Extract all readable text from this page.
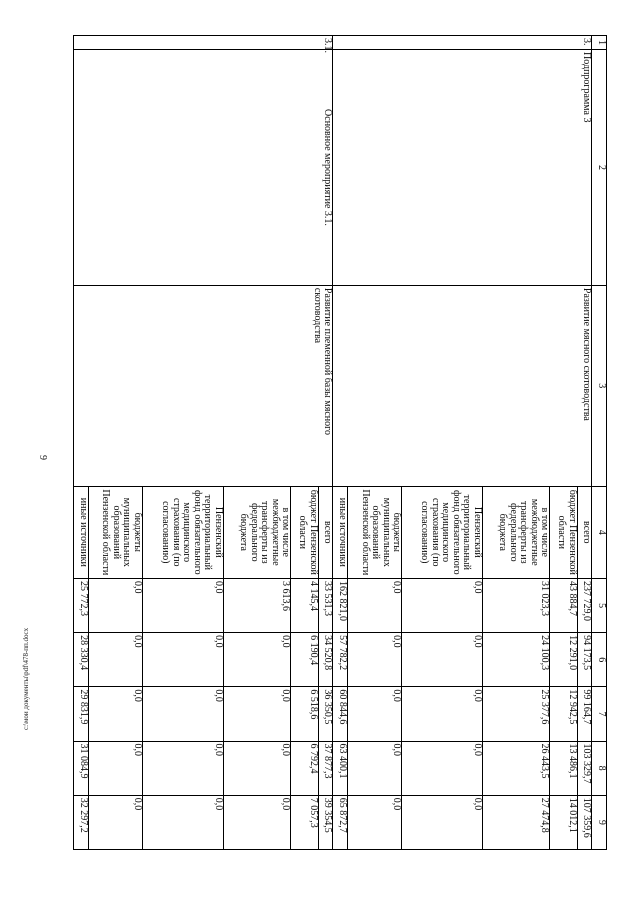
9
c:\мои документы\pdf\478-пп.docx
1	2	3	4	5	6	7	8	9
3.	Подпрограмма 3	Развитие мясного скотоводства	всего	237 729,0	94 173,5	99 164,7	103 329,7	107 359,6
			бюджет Пензенской области	43 884,7	12 291,0	12 942,5	13 486,1	14 012,1
			в том числе межбюджетные трансферты из федерального бюджета	31 023,3	24 100,3	25 377,6	26 443,5	27 474,8
			Пензенский территориальный фонд обязательного медицинского страхования (по согласованию)	0,0	0,0	0,0	0,0	0,0
			бюджеты муниципальных образований Пензенской области	0,0	0,0	0,0	0,0	0,0
			иные источники	162 821,0	57 782,2	60 844,6	63 400,1	65 872,7
3.1.	Основное мероприятие 3.1.	Развитие племенной базы мясного скотоводства	всего	33 531,3	34 520,8	36 350,5	37 877,3	39 354,5
			бюджет Пензенской области	4 145,4	6 190,4	6 518,6	6 792,4	7 057,3
			в том числе межбюджетные трансферты из федерального бюджета	3 613,6	0,0	0,0	0,0	0,0
			Пензенский территориальный фонд обязательного медицинского страхования (по согласованию)	0,0	0,0	0,0	0,0	0,0
			бюджеты муниципальных образований Пензенской области	0,0	0,0	0,0	0,0	0,0
			иные источники	25 772,3	28 330,4	29 831,9	31 084,9	32 297,2
